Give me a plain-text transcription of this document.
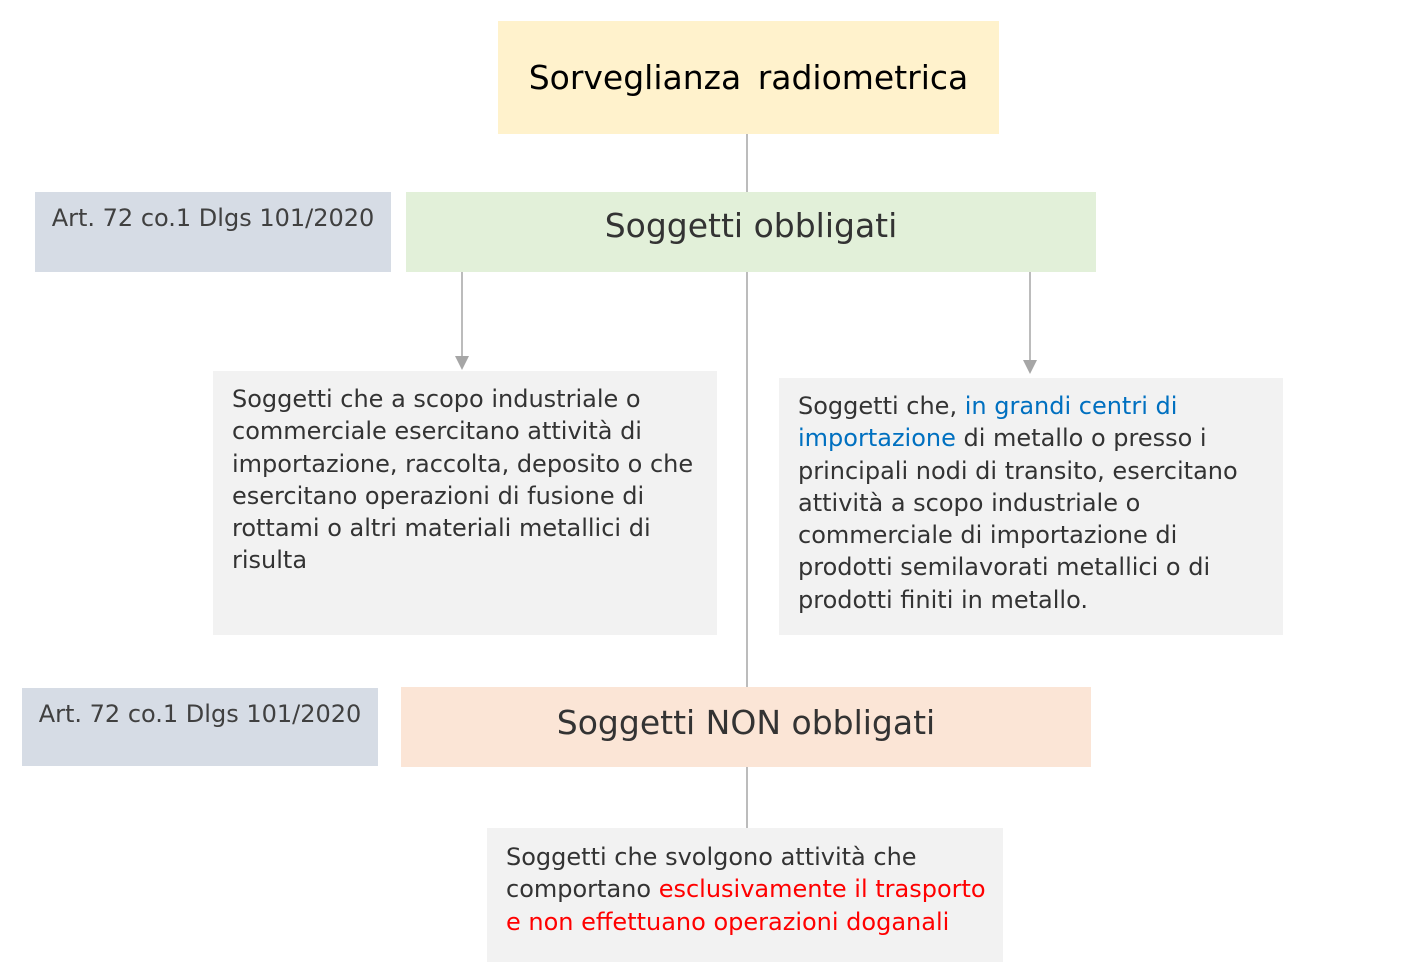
Sorveglianza radiometrica
Art. 72 co.1 Dlgs 101/2020	Soggetti obbligati
Soggetti che a scopo industriale o commerciale esercitano attività di importazione, raccolta, deposito o che esercitano operazioni di fusione di rottami o altri materiali metallici di risulta
Soggetti che, in grandi centri di importazione di metallo o presso i principali nodi di transito, esercitano attività a scopo industriale o commerciale di importazione di prodotti semilavorati metallici o di prodotti finiti in metallo.
Art. 72 co.1 Dlgs 101/2020	Soggetti NON obbligati
Soggetti che svolgono attività che comportano esclusivamente il trasporto e non effettuano operazioni doganali
